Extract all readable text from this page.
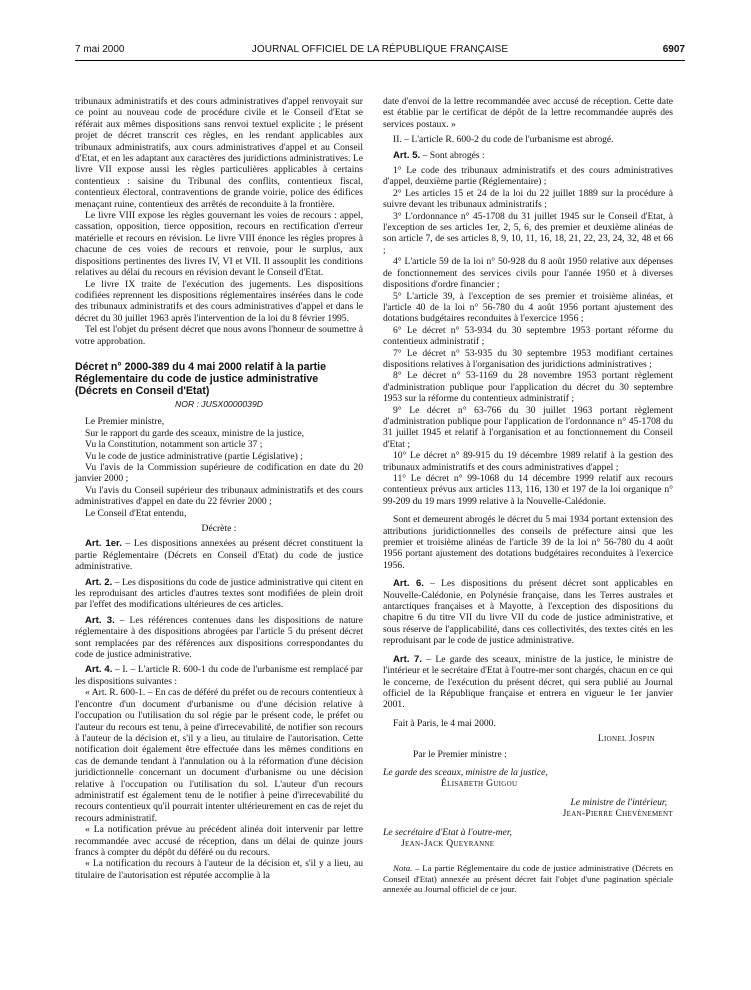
7 mai 2000	JOURNAL OFFICIEL DE LA RÉPUBLIQUE FRANÇAISE	6907

tribunaux administratifs et des cours administratives d'appel renvoyait sur ce point au nouveau code de procédure civile et le Conseil d'Etat se référait aux mêmes dispositions sans renvoi textuel explicite ; le présent projet de décret transcrit ces règles, en les rendant applicables aux tribunaux administratifs, aux cours administratives d'appel et au Conseil d'Etat, et en les adaptant aux caractères des juridictions administratives. Le livre VII expose aussi les règles particulières applicables à certains contentieux : saisine du Tribunal des conflits, contentieux fiscal, contentieux électoral, contraventions de grande voirie, police des édifices menaçant ruine, contentieux des arrêtés de reconduite à la frontière.

Le livre VIII expose les règles gouvernant les voies de recours : appel, cassation, opposition, tierce opposition, recours en rectification d'erreur matérielle et recours en révision. Le livre VIII énonce les règles propres à chacune de ces voies de recours et renvoie, pour le surplus, aux dispositions pertinentes des livres IV, VI et VII. Il assouplit les conditions relatives au délai du recours en révision devant le Conseil d'Etat.

Le livre IX traite de l'exécution des jugements. Les dispositions codifiées reprennent les dispositions réglementaires insérées dans le code des tribunaux administratifs et des cours administratives d'appel et dans le décret du 30 juillet 1963 après l'intervention de la loi du 8 février 1995.

Tel est l'objet du présent décret que nous avons l'honneur de soumettre à votre approbation.

Décret n° 2000-389 du 4 mai 2000 relatif à la partie Réglementaire du code de justice administrative (Décrets en Conseil d'Etat)
NOR : JUSX0000039D

Le Premier ministre,

Sur le rapport du garde des sceaux, ministre de la justice,

Vu la Constitution, notamment son article 37 ;

Vu le code de justice administrative (partie Législative) ;

Vu l'avis de la Commission supérieure de codification en date du 20 janvier 2000 ;

Vu l'avis du Conseil supérieur des tribunaux administratifs et des cours administratives d'appel en date du 22 février 2000 ;

Le Conseil d'Etat entendu,

Décrète :

Art. 1er. – Les dispositions annexées au présent décret constituent la partie Réglementaire (Décrets en Conseil d'Etat) du code de justice administrative.

Art. 2. – Les dispositions du code de justice administrative qui citent en les reproduisant des articles d'autres textes sont modifiées de plein droit par l'effet des modifications ultérieures de ces articles.

Art. 3. – Les références contenues dans les dispositions de nature réglementaire à des dispositions abrogées par l'article 5 du présent décret sont remplacées par des références aux dispositions correspondantes du code de justice administrative.

Art. 4. – I. – L'article R. 600-1 du code de l'urbanisme est remplacé par les dispositions suivantes :

« Art. R. 600-1. – En cas de déféré du préfet ou de recours contentieux à l'encontre d'un document d'urbanisme ou d'une décision relative à l'occupation ou l'utilisation du sol régie par le présent code, le préfet ou l'auteur du recours est tenu, à peine d'irrecevabilité, de notifier son recours à l'auteur de la décision et, s'il y a lieu, au titulaire de l'autorisation. Cette notification doit également être effectuée dans les mêmes conditions en cas de demande tendant à l'annulation ou à la réformation d'une décision juridictionnelle concernant un document d'urbanisme ou une décision relative à l'occupation ou l'utilisation du sol. L'auteur d'un recours administratif est également tenu de le notifier à peine d'irrecevabilité du recours contentieux qu'il pourrait intenter ultérieurement en cas de rejet du recours administratif.

« La notification prévue au précédent alinéa doit intervenir par lettre recommandée avec accusé de réception, dans un délai de quinze jours francs à compter du dépôt du déféré ou du recours.

« La notification du recours à l'auteur de la décision et, s'il y a lieu, au titulaire de l'autorisation est réputée accomplie à la

date d'envoi de la lettre recommandée avec accusé de réception. Cette date est établie par le certificat de dépôt de la lettre recommandée auprès des services postaux. »

II. – L'article R. 600-2 du code de l'urbanisme est abrogé.

Art. 5. – Sont abrogés :

1° Le code des tribunaux administratifs et des cours administratives d'appel, deuxième partie (Réglementaire) ;

2° Les articles 15 et 24 de la loi du 22 juillet 1889 sur la procédure à suivre devant les tribunaux administratifs ;

3° L'ordonnance n° 45-1708 du 31 juillet 1945 sur le Conseil d'Etat, à l'exception de ses articles 1er, 2, 5, 6, des premier et deuxième alinéas de son article 7, de ses articles 8, 9, 10, 11, 16, 18, 21, 22, 23, 24, 32, 48 et 66 ;

4° L'article 59 de la loi n° 50-928 du 8 août 1950 relative aux dépenses de fonctionnement des services civils pour l'année 1950 et à diverses dispositions d'ordre financier ;

5° L'article 39, à l'exception de ses premier et troisième alinéas, et l'article 40 de la loi n° 56-780 du 4 août 1956 portant ajustement des dotations budgétaires reconduites à l'exercice 1956 ;

6° Le décret n° 53-934 du 30 septembre 1953 portant réforme du contentieux administratif ;

7° Le décret n° 53-935 du 30 septembre 1953 modifiant certaines dispositions relatives à l'organisation des juridictions administratives ;

8° Le décret n° 53-1169 du 28 novembre 1953 portant règlement d'administration publique pour l'application du décret du 30 septembre 1953 sur la réforme du contentieux administratif ;

9° Le décret n° 63-766 du 30 juillet 1963 portant règlement d'administration publique pour l'application de l'ordonnance n° 45-1708 du 31 juillet 1945 et relatif à l'organisation et au fonctionnement du Conseil d'Etat ;

10° Le décret n° 89-915 du 19 décembre 1989 relatif à la gestion des tribunaux administratifs et des cours administratives d'appel ;

11° Le décret n° 99-1068 du 14 décembre 1999 relatif aux recours contentieux prévus aux articles 113, 116, 130 et 197 de la loi organique n° 99-209 du 19 mars 1999 relative à la Nouvelle-Calédonie.

Sont et demeurent abrogés le décret du 5 mai 1934 portant extension des attributions juridictionnelles des conseils de préfecture ainsi que les premier et troisième alinéas de l'article 39 de la loi n° 56-780 du 4 août 1956 portant ajustement des dotations budgétaires reconduites à l'exercice 1956.

Art. 6. – Les dispositions du présent décret sont applicables en Nouvelle-Calédonie, en Polynésie française, dans les Terres australes et antarctiques françaises et à Mayotte, à l'exception des dispositions du chapitre 6 du titre VII du livre VII du code de justice administrative, et sous réserve de l'applicabilité, dans ces collectivités, des textes cités en les reproduisant par le code de justice administrative.

Art. 7. – Le garde des sceaux, ministre de la justice, le ministre de l'intérieur et le secrétaire d'Etat à l'outre-mer sont chargés, chacun en ce qui le concerne, de l'exécution du présent décret, qui sera publié au Journal officiel de la République française et entrera en vigueur le 1er janvier 2001.

Fait à Paris, le 4 mai 2000.

Lionel Jospin

Par le Premier ministre :

Le garde des sceaux, ministre de la justice,

Élisabeth Guigou

Le ministre de l'intérieur,

Jean-Pierre Chevènement

Le secrétaire d'Etat à l'outre-mer,

Jean-Jack Queyranne

Nota. – La partie Réglementaire du code de justice administrative (Décrets en Conseil d'Etat) annexée au présent décret fait l'objet d'une pagination spéciale annexée au Journal officiel de ce jour.
